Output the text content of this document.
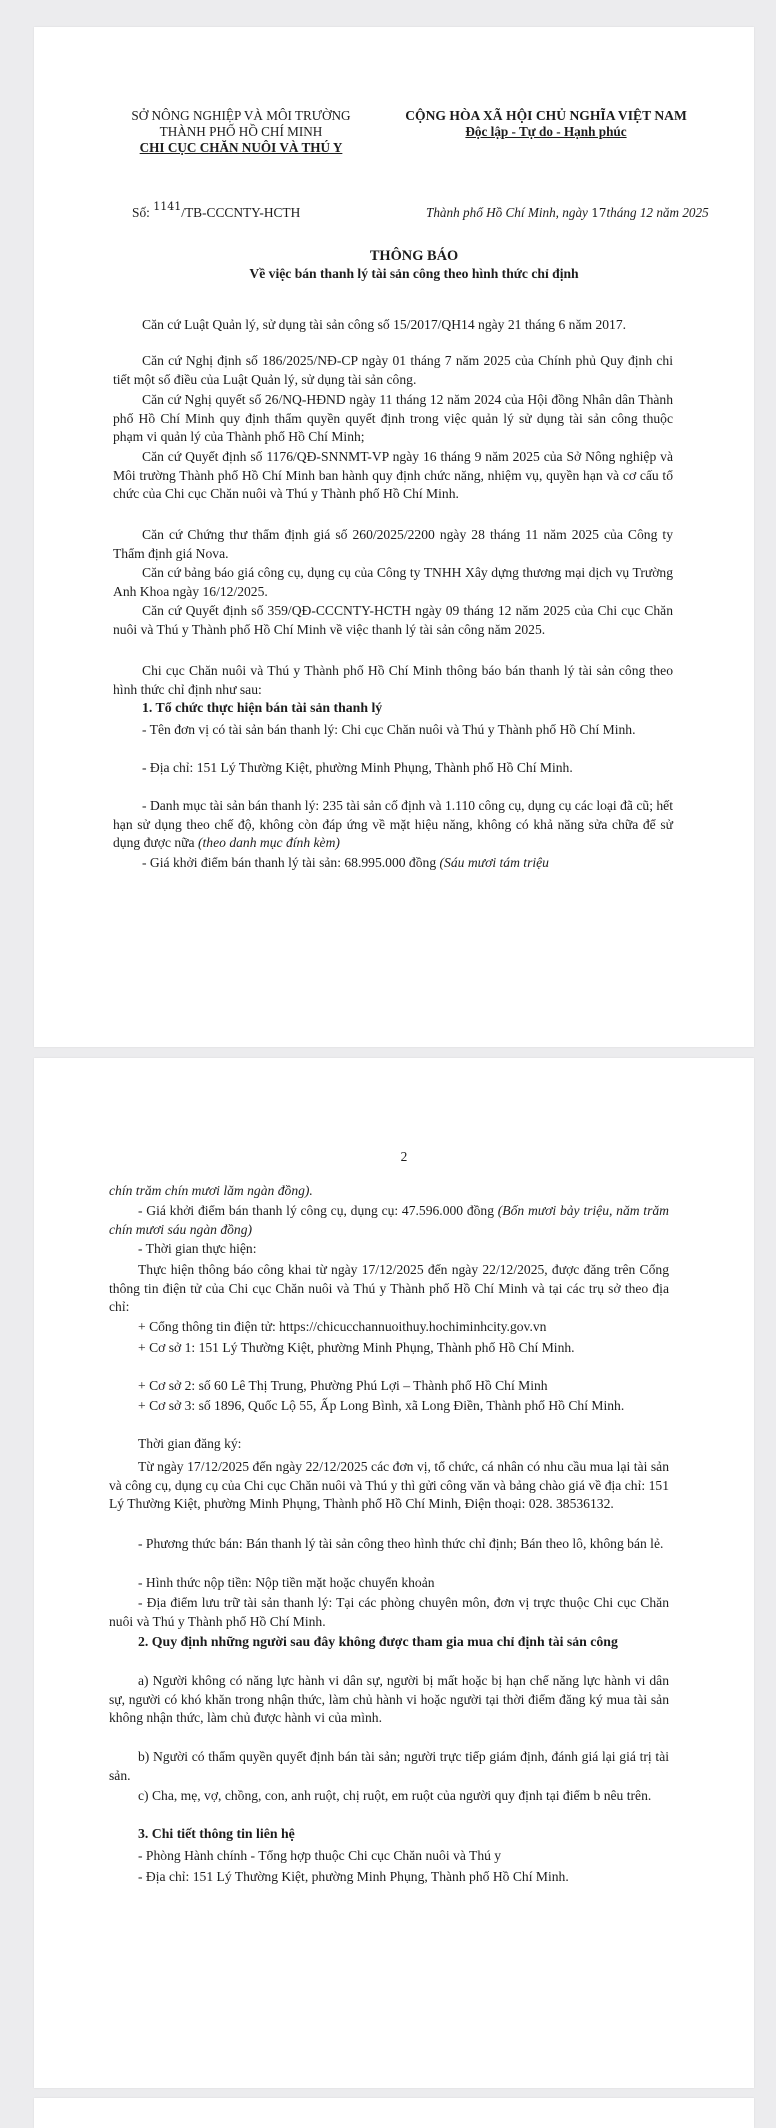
SỞ NÔNG NGHIỆP VÀ MÔI TRƯỜNG
THÀNH PHỐ HỒ CHÍ MINH
CHI CỤC CHĂN NUÔI VÀ THÚ Y
CỘNG HÒA XÃ HỘI CHỦ NGHĨA VIỆT NAM
Độc lập - Tự do - Hạnh phúc
Số: $^{1141}$/TB-CCCNTY-HCTH	Thành phố Hồ Chí Minh, ngày 17tháng 12 năm 2025
THÔNG BÁO
Về việc bán thanh lý tài sản công theo hình thức chỉ định
Căn cứ Luật Quản lý, sử dụng tài sản công số 15/2017/QH14 ngày 21 tháng 6 năm 2017.
Căn cứ Nghị định số 186/2025/NĐ-CP ngày 01 tháng 7 năm 2025 của Chính phủ Quy định chi tiết một số điều của Luật Quản lý, sử dụng tài sản công.
Căn cứ Nghị quyết số 26/NQ-HĐND ngày 11 tháng 12 năm 2024 của Hội đồng Nhân dân Thành phố Hồ Chí Minh quy định thẩm quyền quyết định trong việc quản lý sử dụng tài sản công thuộc phạm vi quản lý của Thành phố Hồ Chí Minh;
Căn cứ Quyết định số 1176/QĐ-SNNMT-VP ngày 16 tháng 9 năm 2025 của Sở Nông nghiệp và Môi trường Thành phố Hồ Chí Minh ban hành quy định chức năng, nhiệm vụ, quyền hạn và cơ cấu tổ chức của Chi cục Chăn nuôi và Thú y Thành phố Hồ Chí Minh.
Căn cứ Chứng thư thẩm định giá số 260/2025/2200 ngày 28 tháng 11 năm 2025 của Công ty Thẩm định giá Nova.
Căn cứ bảng báo giá công cụ, dụng cụ của Công ty TNHH Xây dựng thương mại dịch vụ Trường Anh Khoa ngày 16/12/2025.
Căn cứ Quyết định số 359/QĐ-CCCNTY-HCTH ngày 09 tháng 12 năm 2025 của Chi cục Chăn nuôi và Thú y Thành phố Hồ Chí Minh về việc thanh lý tài sản công năm 2025.
Chi cục Chăn nuôi và Thú y Thành phố Hồ Chí Minh thông báo bán thanh lý tài sản công theo hình thức chỉ định như sau:
1. Tổ chức thực hiện bán tài sản thanh lý
- Tên đơn vị có tài sản bán thanh lý: Chi cục Chăn nuôi và Thú y Thành phố Hồ Chí Minh.
- Địa chỉ: 151 Lý Thường Kiệt, phường Minh Phụng, Thành phố Hồ Chí Minh.
- Danh mục tài sản bán thanh lý: 235 tài sản cố định và 1.110 công cụ, dụng cụ các loại đã cũ; hết hạn sử dụng theo chế độ, không còn đáp ứng về mặt hiệu năng, không có khả năng sửa chữa để sử dụng được nữa (theo danh mục đính kèm)
- Giá khởi điểm bán thanh lý tài sản: 68.995.000 đồng (Sáu mươi tám triệu
2
chín trăm chín mươi lăm ngàn đồng).
- Giá khởi điểm bán thanh lý công cụ, dụng cụ: 47.596.000 đồng (Bốn mươi bảy triệu, năm trăm chín mươi sáu ngàn đồng)
- Thời gian thực hiện:
Thực hiện thông báo công khai từ ngày 17/12/2025 đến ngày 22/12/2025, được đăng trên Cổng thông tin điện tử của Chi cục Chăn nuôi và Thú y Thành phố Hồ Chí Minh và tại các trụ sở theo địa chỉ:
+ Cổng thông tin điện tử: https://chicucchannuoithuy.hochiminhcity.gov.vn
+ Cơ sở 1: 151 Lý Thường Kiệt, phường Minh Phụng, Thành phố Hồ Chí Minh.
+ Cơ sở 2: số 60 Lê Thị Trung, Phường Phú Lợi – Thành phố Hồ Chí Minh
+ Cơ sở 3: số 1896, Quốc Lộ 55, Ấp Long Bình, xã Long Điền, Thành phố Hồ Chí Minh.
Thời gian đăng ký:
Từ ngày 17/12/2025 đến ngày 22/12/2025 các đơn vị, tổ chức, cá nhân có nhu cầu mua lại tài sản và công cụ, dụng cụ của Chi cục Chăn nuôi và Thú y thì gửi công văn và bảng chào giá về địa chỉ: 151 Lý Thường Kiệt, phường Minh Phụng, Thành phố Hồ Chí Minh, Điện thoại: 028. 38536132.
- Phương thức bán: Bán thanh lý tài sản công theo hình thức chỉ định; Bán theo lô, không bán lẻ.
- Hình thức nộp tiền: Nộp tiền mặt hoặc chuyển khoản
- Địa điểm lưu trữ tài sản thanh lý: Tại các phòng chuyên môn, đơn vị trực thuộc Chi cục Chăn nuôi và Thú y Thành phố Hồ Chí Minh.
2. Quy định những người sau đây không được tham gia mua chỉ định tài sản công
a) Người không có năng lực hành vi dân sự, người bị mất hoặc bị hạn chế năng lực hành vi dân sự, người có khó khăn trong nhận thức, làm chủ hành vi hoặc người tại thời điểm đăng ký mua tài sản không nhận thức, làm chủ được hành vi của mình.
b) Người có thẩm quyền quyết định bán tài sản; người trực tiếp giám định, đánh giá lại giá trị tài sản.
c) Cha, mẹ, vợ, chồng, con, anh ruột, chị ruột, em ruột của người quy định tại điểm b nêu trên.
3. Chi tiết thông tin liên hệ
- Phòng Hành chính - Tổng hợp thuộc Chi cục Chăn nuôi và Thú y
- Địa chỉ: 151 Lý Thường Kiệt, phường Minh Phụng, Thành phố Hồ Chí Minh.
